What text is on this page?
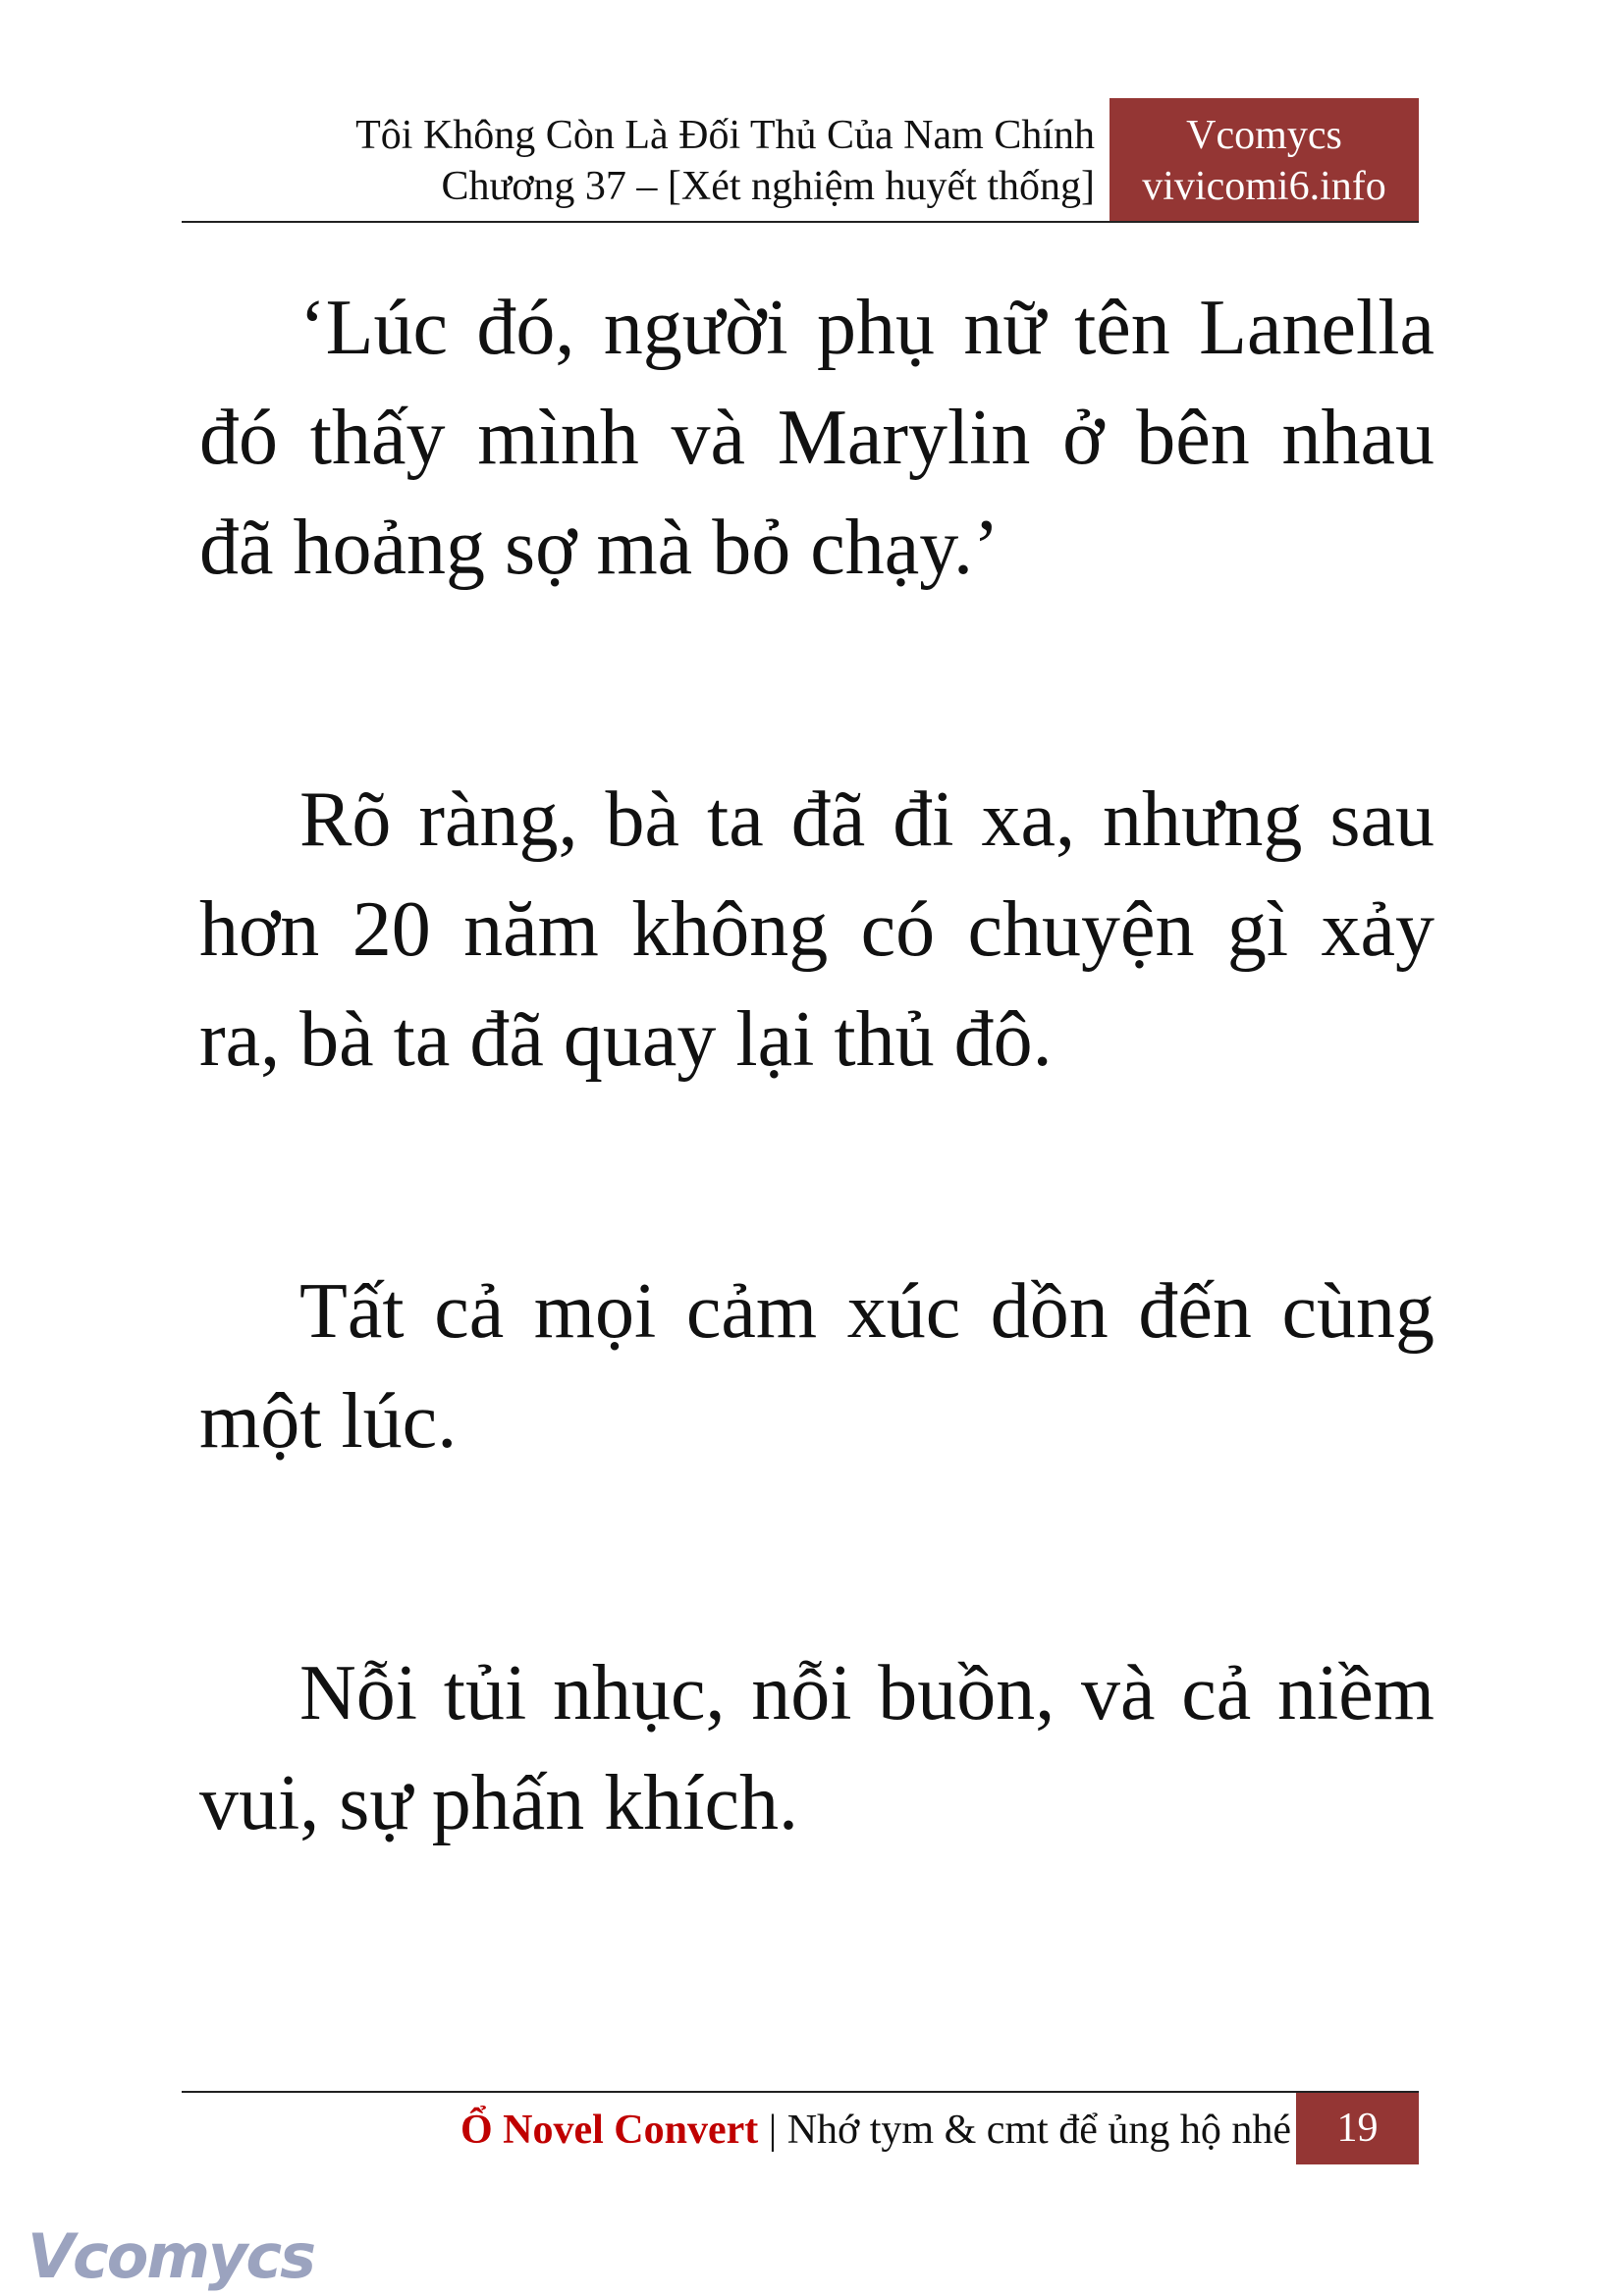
Tôi Không Còn Là Đối Thủ Của Nam Chính
Chương 37 – [Xét nghiệm huyết thống]
Vcomycs
vivicomi6.info

‘Lúc đó, người phụ nữ tên Lanella đó thấy mình và Marylin ở bên nhau đã hoảng sợ mà bỏ chạy.’

Rõ ràng, bà ta đã đi xa, nhưng sau hơn 20 năm không có chuyện gì xảy ra, bà ta đã quay lại thủ đô.

Tất cả mọi cảm xúc dồn đến cùng một lúc.

Nỗi tủi nhục, nỗi buồn, và cả niềm vui, sự phấn khích.

Ổ Novel Convert | Nhớ tym & cmt để ủng hộ nhé	19
Vcomycs
